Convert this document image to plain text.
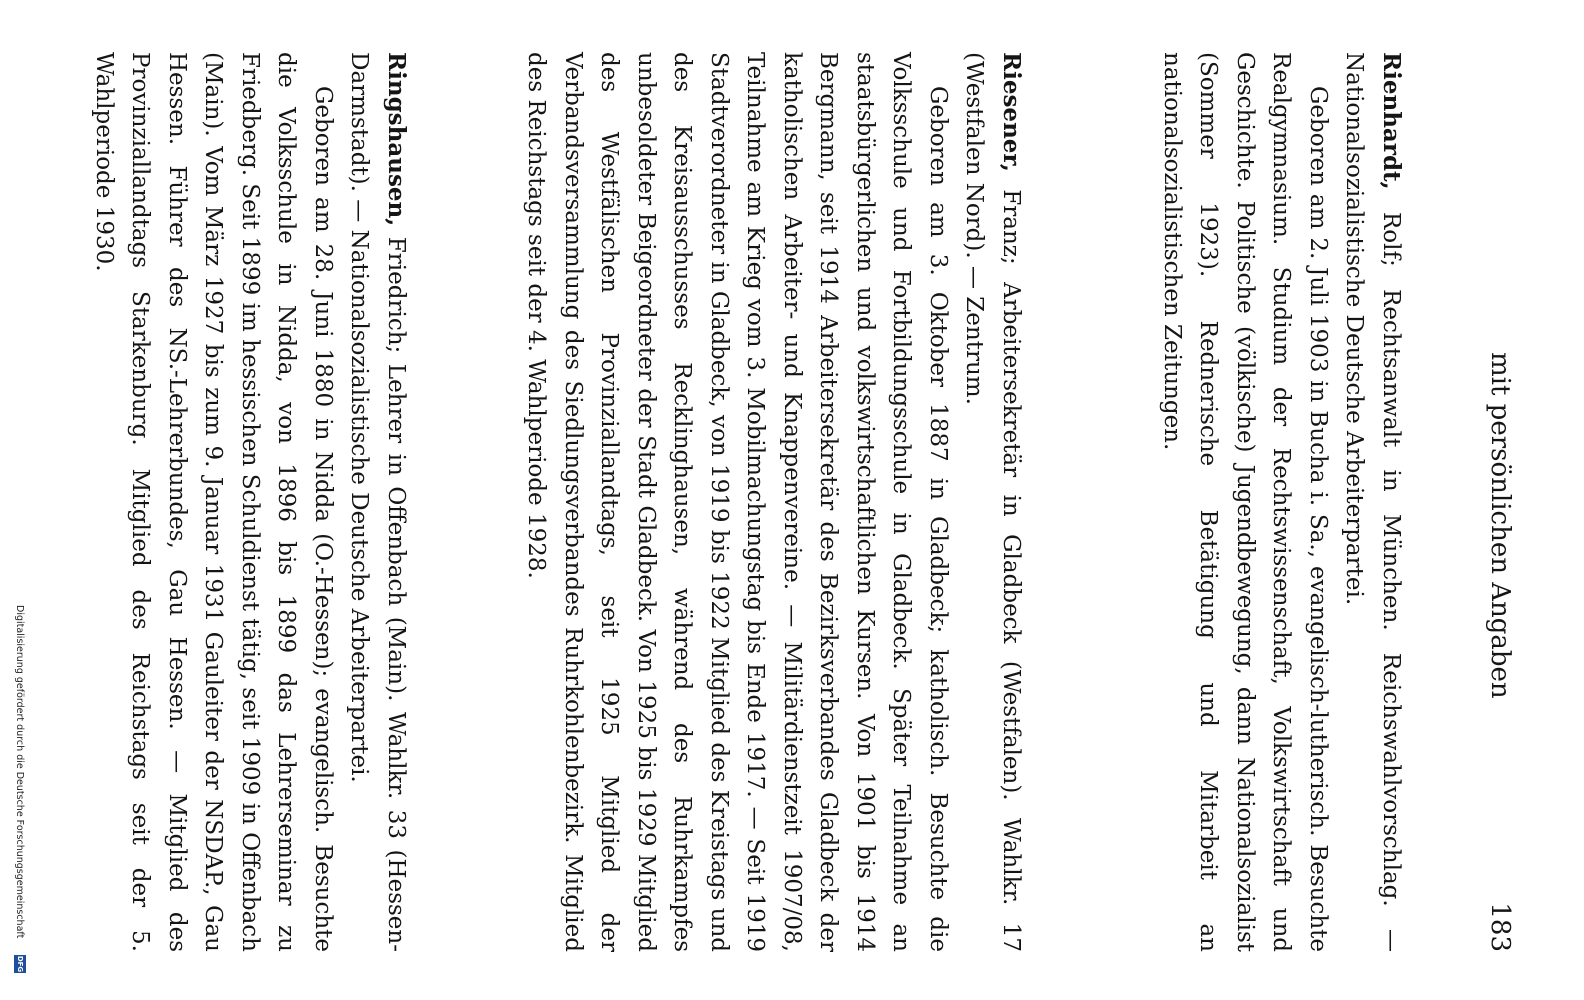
mit persönlichen Angaben
183

Rienhardt, Rolf; Rechtsanwalt in München. Reichswahlvorschlag. — Nationalsozialistische Deutsche Arbeiterpartei.

Geboren am 2. Juli 1903 in Bucha i. Sa., evangelisch-lutherisch. Besuchte Realgymnasium. Studium der Rechtswissenschaft, Volkswirtschaft und Geschichte. Politische (völkische) Jugendbewegung, dann Nationalsozialist (Sommer 1923). Rednerische Betätigung und Mitarbeit an nationalsozialistischen Zeitungen.

Riesener, Franz; Arbeitersekretär in Gladbeck (Westfalen). Wahlkr. 17 (Westfalen Nord). — Zentrum.

Geboren am 3. Oktober 1887 in Gladbeck; katholisch. Besuchte die Volksschule und Fortbildungsschule in Gladbeck. Später Teilnahme an staatsbürgerlichen und volkswirtschaftlichen Kursen. Von 1901 bis 1914 Bergmann, seit 1914 Arbeitersekretär des Bezirksverbandes Gladbeck der katholischen Arbeiter- und Knappenvereine. — Militärdienstzeit 1907/08, Teilnahme am Krieg vom 3. Mobilmachungstag bis Ende 1917. — Seit 1919 Stadtverordneter in Gladbeck, von 1919 bis 1922 Mitglied des Kreistags und des Kreisausschusses Recklinghausen, während des Ruhrkampfes unbesoldeter Beigeordneter der Stadt Gladbeck. Von 1925 bis 1929 Mitglied des Westfälischen Provinziallandtags, seit 1925 Mitglied der Verbandsversammlung des Siedlungsverbandes Ruhrkohlenbezirk. Mitglied des Reichstags seit der 4. Wahlperiode 1928.

Ringshausen, Friedrich; Lehrer in Offenbach (Main). Wahlkr. 33 (Hessen-Darmstadt). — Nationalsozialistische Deutsche Arbeiterpartei.

Geboren am 28. Juni 1880 in Nidda (O.-Hessen); evangelisch. Besuchte die Volksschule in Nidda, von 1896 bis 1899 das Lehrerseminar zu Friedberg. Seit 1899 im hessischen Schuldienst tätig, seit 1909 in Offenbach (Main). Vom März 1927 bis zum 9. Januar 1931 Gauleiter der NSDAP., Gau Hessen. Führer des NS.-Lehrerbundes, Gau Hessen. — Mitglied des Provinziallandtags Starkenburg. Mitglied des Reichstags seit der 5. Wahlperiode 1930.

Digitalisierung gefördert durch die Deutsche Forschungsgemeinschaft
DFG
